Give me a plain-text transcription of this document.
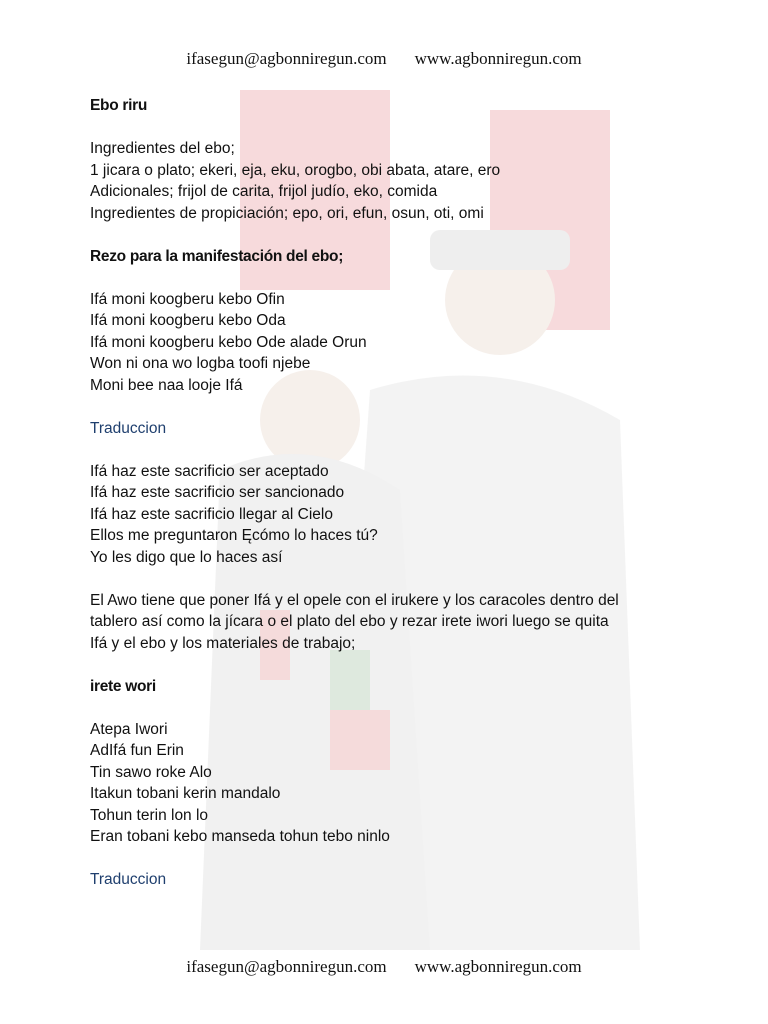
ifasegun@agbonniregun.com www.agbonniregun.com
Ebo riru
Ingredientes del ebo;
1 jicara o plato; ekeri, eja, eku, orogbo, obi abata, atare, ero
Adicionales; frijol de carita, frijol judío, eko, comida
Ingredientes de propiciación; epo, ori, efun, osun, oti, omi
Rezo para la manifestación del ebo;
Ifá moni koogberu kebo Ofin
Ifá moni koogberu kebo Oda
Ifá moni koogberu kebo Ode alade Orun
Won ni ona wo logba toofi njebe
Moni bee naa looje Ifá
Traduccion
Ifá haz este sacrificio ser aceptado
Ifá haz este sacrificio ser sancionado
Ifá haz este sacrificio llegar al Cielo
Ellos me preguntaron Ęcómo lo haces tú?
Yo les digo que lo haces así
El Awo tiene que poner Ifá y el opele con el irukere y los caracoles dentro del
tablero así como la jícara o el plato del ebo y rezar irete iwori luego se quita
Ifá y el ebo y los materiales de trabajo;
irete wori
Atepa Iwori
AdIfá fun Erin
Tin sawo roke Alo
Itakun tobani kerin mandalo
Tohun terin lon lo
Eran tobani kebo manseda tohun tebo ninlo
Traduccion
ifasegun@agbonniregun.com www.agbonniregun.com
